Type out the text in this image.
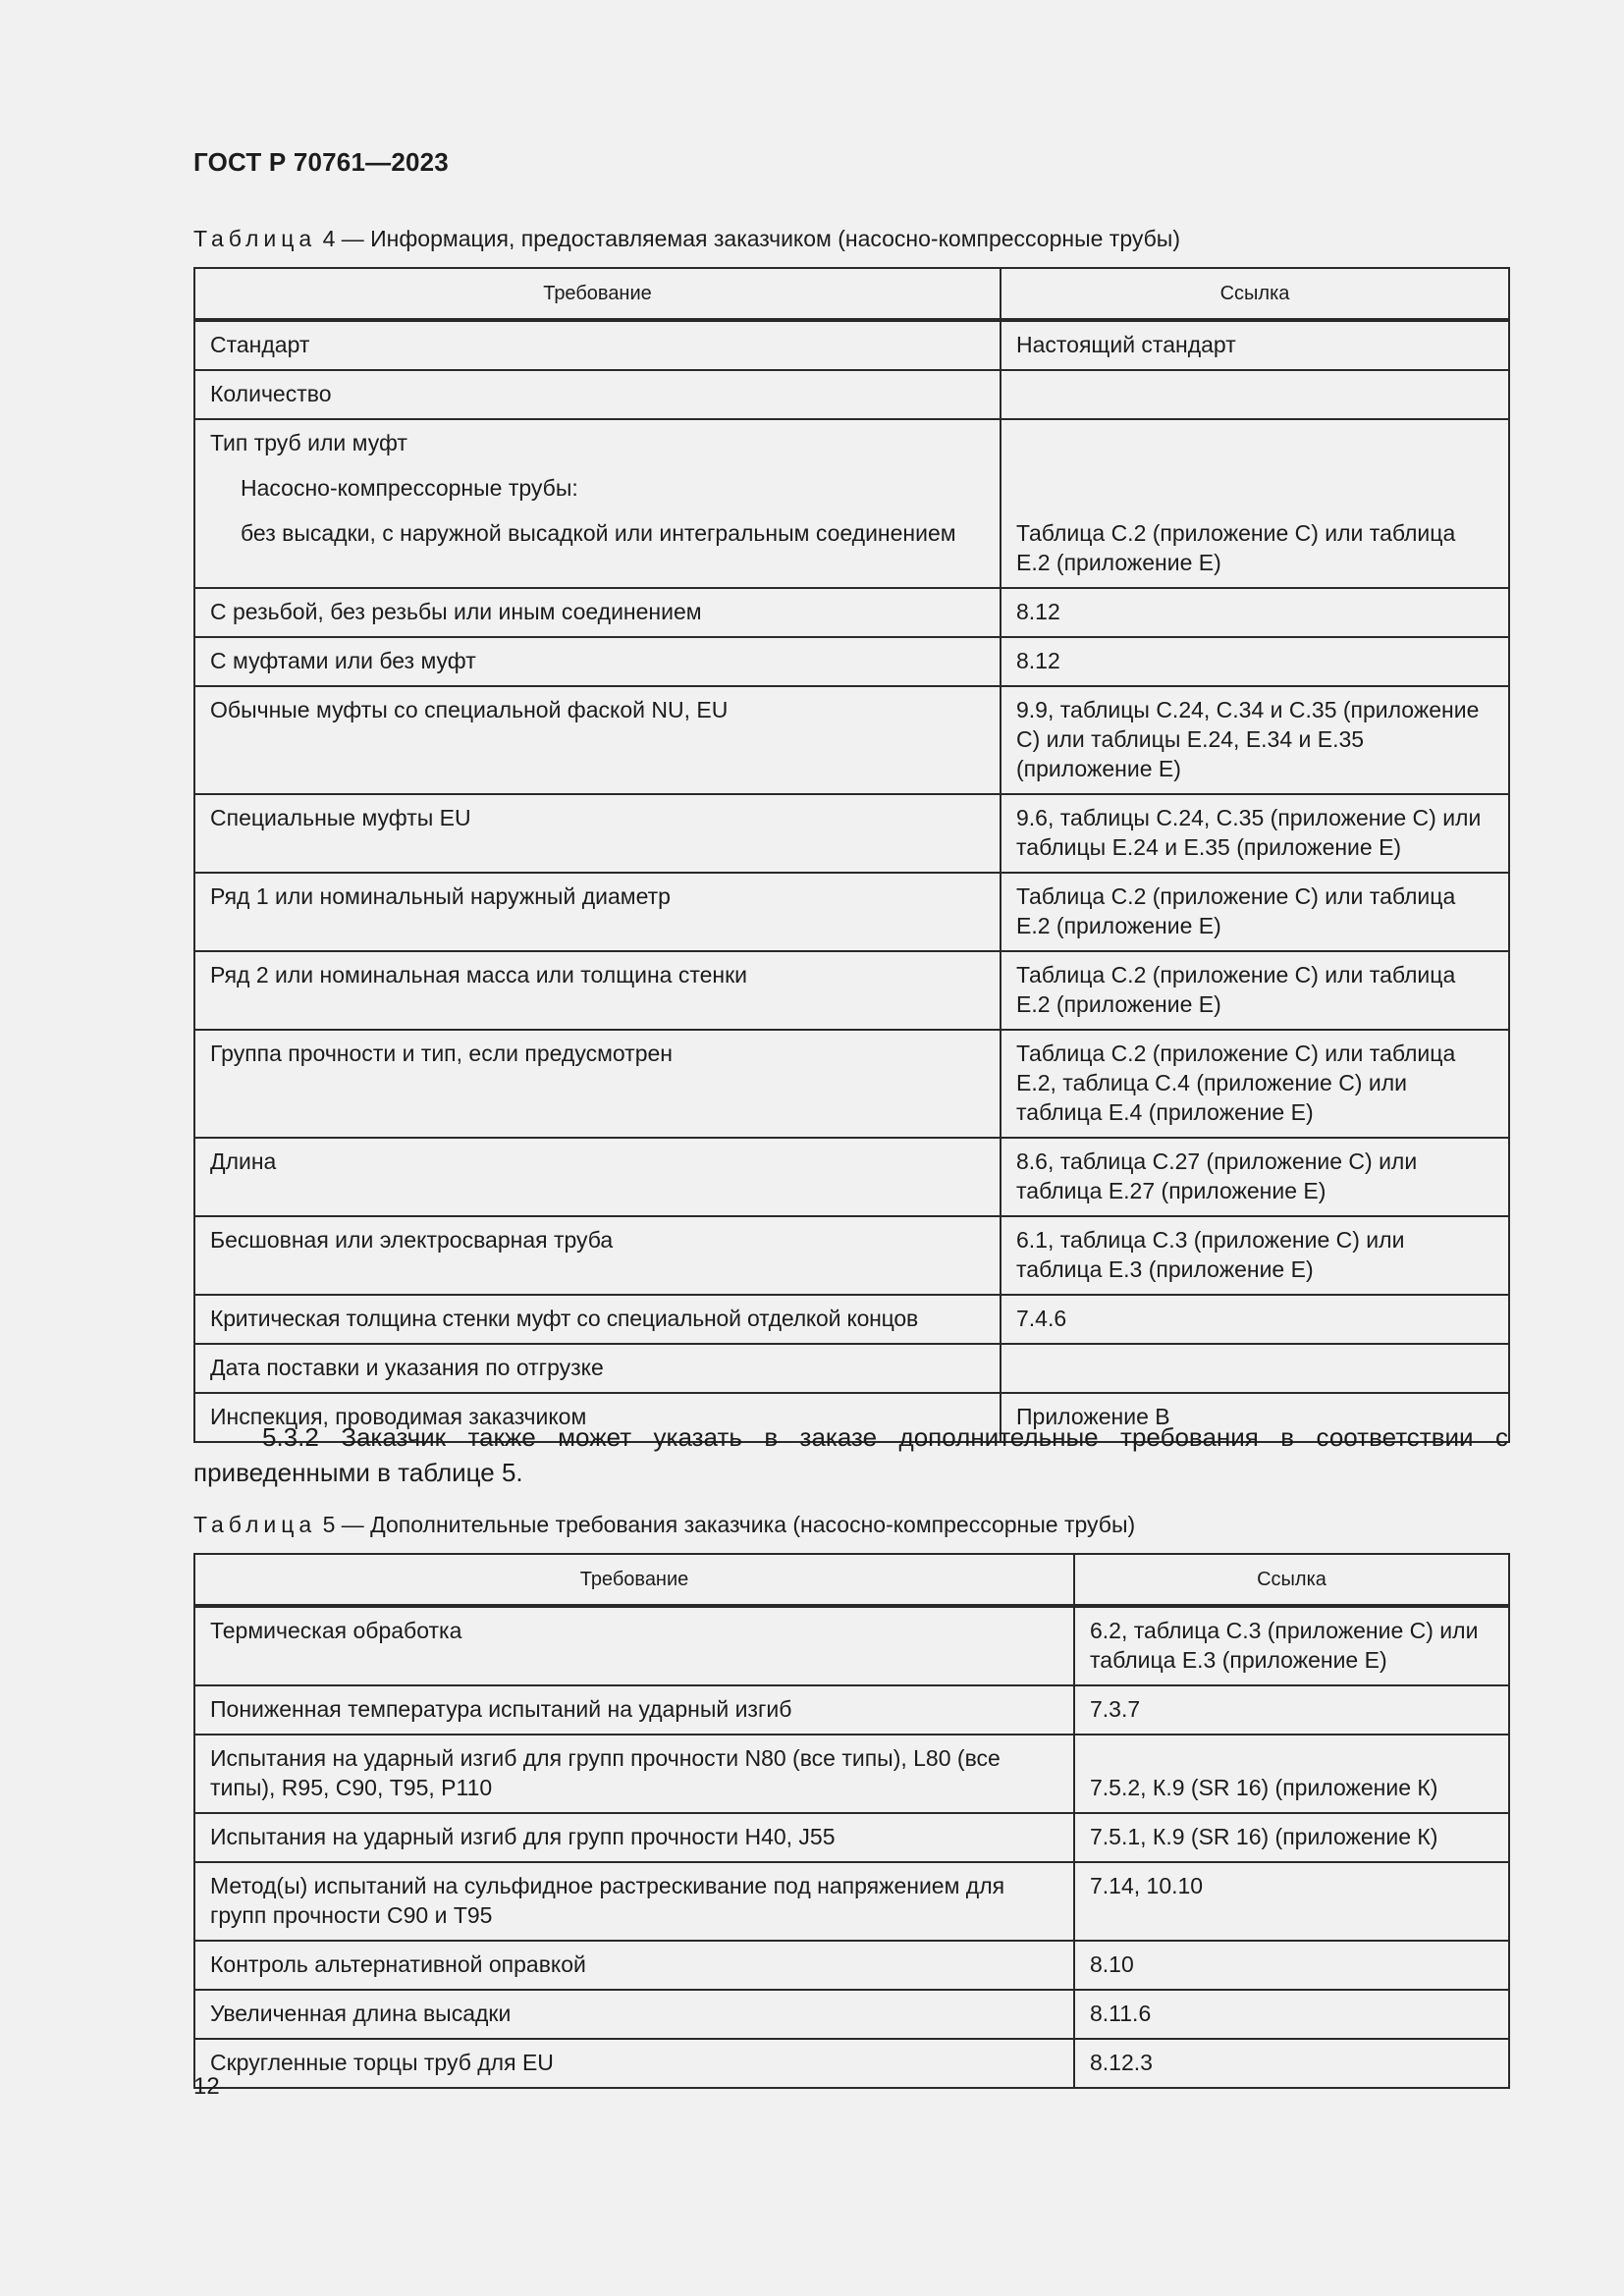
ГОСТ Р 70761—2023
Таблица 4 — Информация, предоставляемая заказчиком (насосно-компрессорные трубы)
Требование	Ссылка
Стандарт	Настоящий стандарт
Количество	

Тип труб или муфт
Насосно-компрессорные трубы:
без высадки, с наружной высадкой или интегральным соединением	Таблица С.2 (приложение С) или таблица Е.2 (приложение Е)
С резьбой, без резьбы или иным соединением	8.12
С муфтами или без муфт	8.12
Обычные муфты со специальной фаской NU, EU	9.9, таблицы С.24, С.34 и С.35 (приложение С) или таблицы Е.24, Е.34 и Е.35 (приложение Е)
Специальные муфты EU	9.6, таблицы С.24, С.35 (приложение С) или таблицы Е.24 и Е.35 (приложение Е)
Ряд 1 или номинальный наружный диаметр	Таблица С.2 (приложение С) или таблица Е.2 (приложение Е)
Ряд 2 или номинальная масса или толщина стенки	Таблица С.2 (приложение С) или таблица Е.2 (приложение Е)
Группа прочности и тип, если предусмотрен	Таблица С.2 (приложение С) или таблица Е.2, таблица С.4 (приложение С) или таблица Е.4 (приложение Е)
Длина	8.6, таблица С.27 (приложение С) или таблица Е.27 (приложение Е)
Бесшовная или электросварная труба	6.1, таблица С.3 (приложение С) или таблица Е.3 (приложение Е)
Критическая толщина стенки муфт со специальной отделкой концов	7.4.6
Дата поставки и указания по отгрузке	
Инспекция, проводимая заказчиком	Приложение В
5.3.2 Заказчик также может указать в заказе дополнительные требования в соответствии с приведенными в таблице 5.
Таблица 5 — Дополнительные требования заказчика (насосно-компрессорные трубы)
Требование	Ссылка
Термическая обработка	6.2, таблица С.3 (приложение С) или таблица Е.3 (приложение Е)
Пониженная температура испытаний на ударный изгиб	7.3.7
Испытания на ударный изгиб для групп прочности N80 (все типы), L80 (все типы), R95, С90, Т95, Р110	7.5.2, К.9 (SR 16) (приложение К)
Испытания на ударный изгиб для групп прочности Н40, J55	7.5.1, К.9 (SR 16) (приложение К)
Метод(ы) испытаний на сульфидное растрескивание под напряжением для групп прочности С90 и Т95	7.14, 10.10
Контроль альтернативной оправкой	8.10
Увеличенная длина высадки	8.11.6
Скругленные торцы труб для EU	8.12.3
12
